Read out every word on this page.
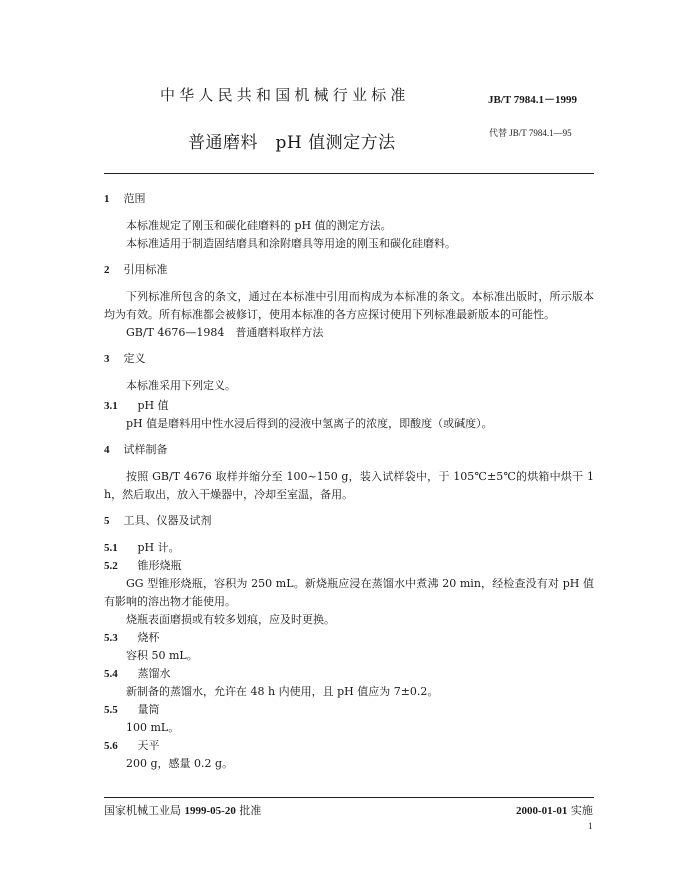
中华人民共和国机械行业标准	JB/T 7984.1－1999
普通磨料　pH 值测定方法	代替 JB/T 7984.1—95
1 范围

本标准规定了刚玉和碳化硅磨料的 pH 值的测定方法。

本标准适用于制造固结磨具和涂附磨具等用途的刚玉和碳化硅磨料。

2 引用标准

下列标准所包含的条文，通过在本标准中引用而构成为本标准的条文。本标准出版时，所示版本均为有效。所有标准都会被修订，使用本标准的各方应探讨使用下列标准最新版本的可能性。

GB/T 4676—1984　普通磨料取样方法

3 定义

本标准采用下列定义。

3.1 pH 值

pH 值是磨料用中性水浸后得到的浸液中氢离子的浓度，即酸度（或碱度）。

4 试样制备

按照 GB/T 4676 取样并缩分至 100~150 g，装入试样袋中，于 105℃±5℃的烘箱中烘干 1 h，然后取出，放入干燥器中，冷却至室温，备用。

5 工具、仪器及试剂
5.1 pH 计。
5.2 锥形烧瓶

GG 型锥形烧瓶，容积为 250 mL。新烧瓶应浸在蒸馏水中煮沸 20 min，经检查没有对 pH 值有影响的溶出物才能使用。

烧瓶表面磨损或有较多划痕，应及时更换。

5.3 烧杯

容积 50 mL。

5.4 蒸馏水

新制备的蒸馏水，允许在 48 h 内使用，且 pH 值应为 7±0.2。

5.5 量筒

100 mL。

5.6 天平

200 g，感量 0.2 g。

国家机械工业局 1999-05-20 批准	2000-01-01 实施
1
